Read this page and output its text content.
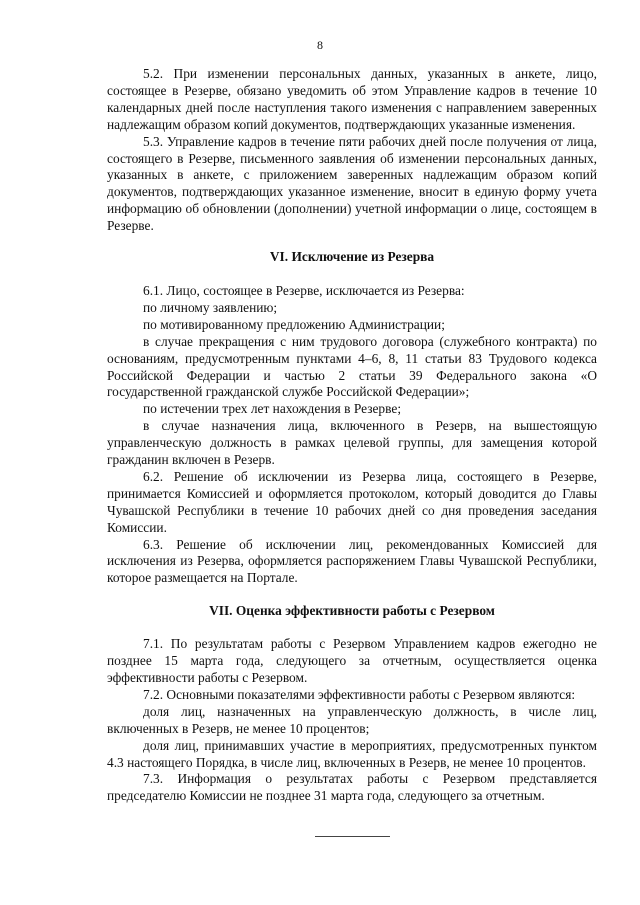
8

5.2. При изменении персональных данных, указанных в анкете, лицо, состоящее в Резерве, обязано уведомить об этом Управление кадров в течение 10 календарных дней после наступления такого изменения с направлением заверенных надлежащим образом копий документов, подтверждающих указанные изменения.

5.3. Управление кадров в течение пяти рабочих дней после получения от лица, состоящего в Резерве, письменного заявления об изменении персональных данных, указанных в анкете, с приложением заверенных надлежащим образом копий документов, подтверждающих указанное изменение, вносит в единую форму учета информацию об обновлении (дополнении) учетной информации о лице, состоящем в Резерве.

VI. Исключение из Резерва

6.1. Лицо, состоящее в Резерве, исключается из Резерва:

по личному заявлению;

по мотивированному предложению Администрации;

в случае прекращения с ним трудового договора (служебного контракта) по основаниям, предусмотренным пунктами 4–6, 8, 11 статьи 83 Трудового кодекса Российской Федерации и частью 2 статьи 39 Федерального закона «О государственной гражданской службе Российской Федерации»;

по истечении трех лет нахождения в Резерве;

в случае назначения лица, включенного в Резерв, на вышестоящую управленческую должность в рамках целевой группы, для замещения которой гражданин включен в Резерв.

6.2. Решение об исключении из Резерва лица, состоящего в Резерве, принимается Комиссией и оформляется протоколом, который доводится до Главы Чувашской Республики в течение 10 рабочих дней со дня проведения заседания Комиссии.

6.3. Решение об исключении лиц, рекомендованных Комиссией для исключения из Резерва, оформляется распоряжением Главы Чувашской Республики, которое размещается на Портале.

VII. Оценка эффективности работы с Резервом

7.1. По результатам работы с Резервом Управлением кадров ежегодно не позднее 15 марта года, следующего за отчетным, осуществляется оценка эффективности работы с Резервом.

7.2. Основными показателями эффективности работы с Резервом являются:

доля лиц, назначенных на управленческую должность, в числе лиц, включенных в Резерв, не менее 10 процентов;

доля лиц, принимавших участие в мероприятиях, предусмотренных пунктом 4.3 настоящего Порядка, в числе лиц, включенных в Резерв, не менее 10 процентов.

7.3. Информация о результатах работы с Резервом представляется председателю Комиссии не позднее 31 марта года, следующего за отчетным.
